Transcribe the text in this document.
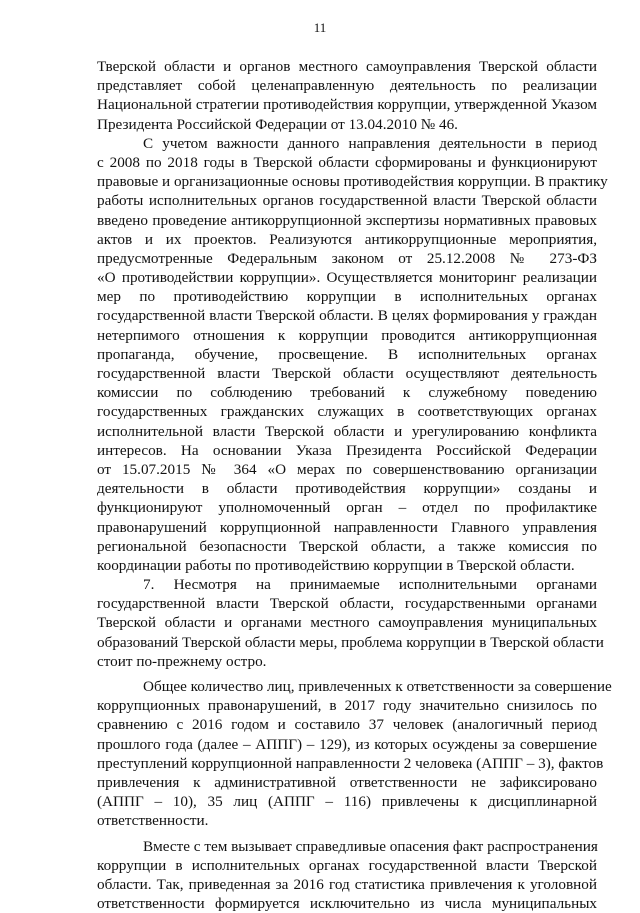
11
Тверской области и органов местного самоуправления Тверской области
представляет собой целенаправленную деятельность по реализации
Национальной стратегии противодействия коррупции, утвержденной Указом
Президента Российской Федерации от 13.04.2010 № 46.
С учетом важности данного направления деятельности в период
с 2008 по 2018 годы в Тверской области сформированы и функционируют
правовые и организационные основы противодействия коррупции. В практику
работы исполнительных органов государственной власти Тверской области
введено проведение антикоррупционной экспертизы нормативных правовых
актов и их проектов. Реализуются антикоррупционные мероприятия,
предусмотренные Федеральным законом от 25.12.2008 № 273-ФЗ
«О противодействии коррупции». Осуществляется мониторинг реализации
мер по противодействию коррупции в исполнительных органах
государственной власти Тверской области. В целях формирования у граждан
нетерпимого отношения к коррупции проводится антикоррупционная
пропаганда, обучение, просвещение. В исполнительных органах
государственной власти Тверской области осуществляют деятельность
комиссии по соблюдению требований к служебному поведению
государственных гражданских служащих в соответствующих органах
исполнительной власти Тверской области и урегулированию конфликта
интересов. На основании Указа Президента Российской Федерации
от 15.07.2015 № 364 «О мерах по совершенствованию организации
деятельности в области противодействия коррупции» созданы и
функционируют уполномоченный орган – отдел по профилактике
правонарушений коррупционной направленности Главного управления
региональной безопасности Тверской области, а также комиссия по
координации работы по противодействию коррупции в Тверской области.
7. Несмотря на принимаемые исполнительными органами
государственной власти Тверской области, государственными органами
Тверской области и органами местного самоуправления муниципальных
образований Тверской области меры, проблема коррупции в Тверской области
стоит по-прежнему остро.
Общее количество лиц, привлеченных к ответственности за совершение
коррупционных правонарушений, в 2017 году значительно снизилось по
сравнению с 2016 годом и составило 37 человек (аналогичный период
прошлого года (далее – АППГ) – 129), из которых осуждены за совершение
преступлений коррупционной направленности 2 человека (АППГ – 3), фактов
привлечения к административной ответственности не зафиксировано
(АППГ – 10), 35 лиц (АППГ – 116) привлечены к дисциплинарной
ответственности.
Вместе с тем вызывает справедливые опасения факт распространения
коррупции в исполнительных органах государственной власти Тверской
области. Так, приведенная за 2016 год статистика привлечения к уголовной
ответственности формируется исключительно из числа муниципальных
